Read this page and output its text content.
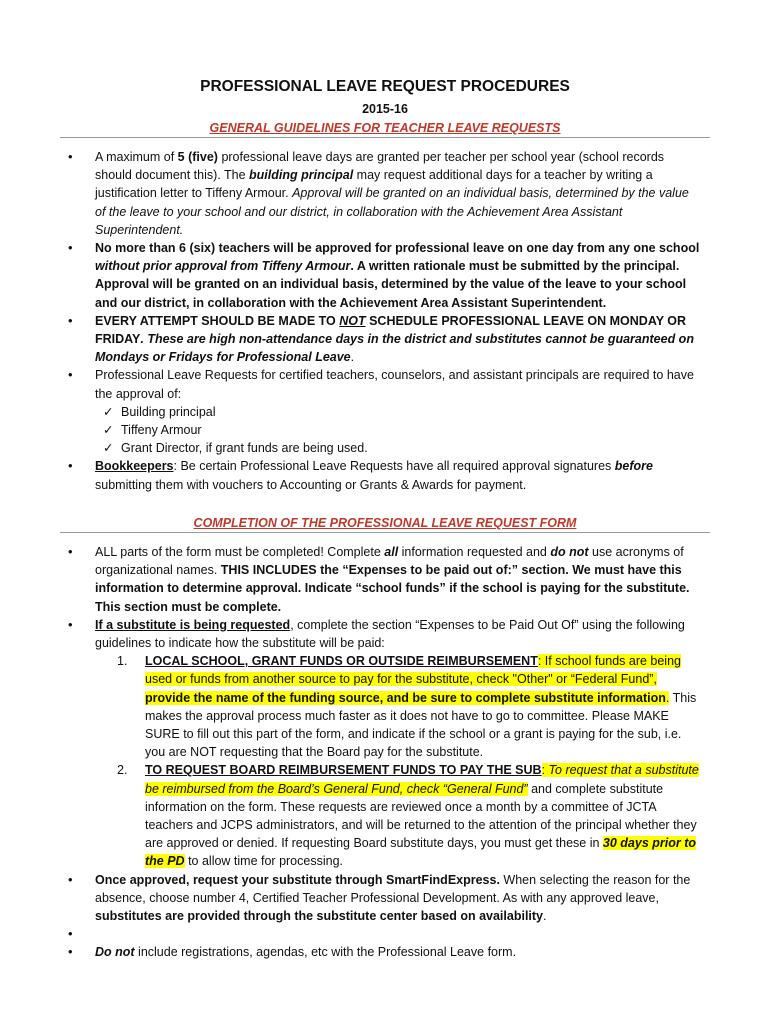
PROFESSIONAL LEAVE REQUEST PROCEDURES
2015-16
GENERAL GUIDELINES FOR TEACHER LEAVE REQUESTS
• A maximum of 5 (five) professional leave days are granted per teacher per school year (school records should document this). The building principal may request additional days for a teacher by writing a justification letter to Tiffeny Armour. Approval will be granted on an individual basis, determined by the value of the leave to your school and our district, in collaboration with the Achievement Area Assistant Superintendent.
• No more than 6 (six) teachers will be approved for professional leave on one day from any one school without prior approval from Tiffeny Armour. A written rationale must be submitted by the principal. Approval will be granted on an individual basis, determined by the value of the leave to your school and our district, in collaboration with the Achievement Area Assistant Superintendent.
• EVERY ATTEMPT SHOULD BE MADE TO NOT SCHEDULE PROFESSIONAL LEAVE ON MONDAY OR FRIDAY. These are high non-attendance days in the district and substitutes cannot be guaranteed on Mondays or Fridays for Professional Leave.
• Professional Leave Requests for certified teachers, counselors, and assistant principals are required to have the approval of:
✓ Building principal
✓ Tiffeny Armour
✓ Grant Director, if grant funds are being used.
• Bookkeepers: Be certain Professional Leave Requests have all required approval signatures before submitting them with vouchers to Accounting or Grants & Awards for payment.
COMPLETION OF THE PROFESSIONAL LEAVE REQUEST FORM
• ALL parts of the form must be completed! Complete all information requested and do not use acronyms of organizational names. THIS INCLUDES the “Expenses to be paid out of:” section. We must have this information to determine approval. Indicate “school funds” if the school is paying for the substitute. This section must be complete.
• If a substitute is being requested, complete the section “Expenses to be Paid Out Of” using the following guidelines to indicate how the substitute will be paid:
1. LOCAL SCHOOL, GRANT FUNDS OR OUTSIDE REIMBURSEMENT: If school funds are being used or funds from another source to pay for the substitute, check "Other" or “Federal Fund”, provide the name of the funding source, and be sure to complete substitute information. This makes the approval process much faster as it does not have to go to committee. Please MAKE SURE to fill out this part of the form, and indicate if the school or a grant is paying for the sub, i.e. you are NOT requesting that the Board pay for the substitute.
2. TO REQUEST BOARD REIMBURSEMENT FUNDS TO PAY THE SUB: To request that a substitute be reimbursed from the Board’s General Fund, check “General Fund” and complete substitute information on the form. These requests are reviewed once a month by a committee of JCTA teachers and JCPS administrators, and will be returned to the attention of the principal whether they are approved or denied. If requesting Board substitute days, you must get these in 30 days prior to the PD to allow time for processing.
• Once approved, request your substitute through SmartFindExpress. When selecting the reason for the absence, choose number 4, Certified Teacher Professional Development. As with any approved leave, substitutes are provided through the substitute center based on availability.
•
• Do not include registrations, agendas, etc with the Professional Leave form.
